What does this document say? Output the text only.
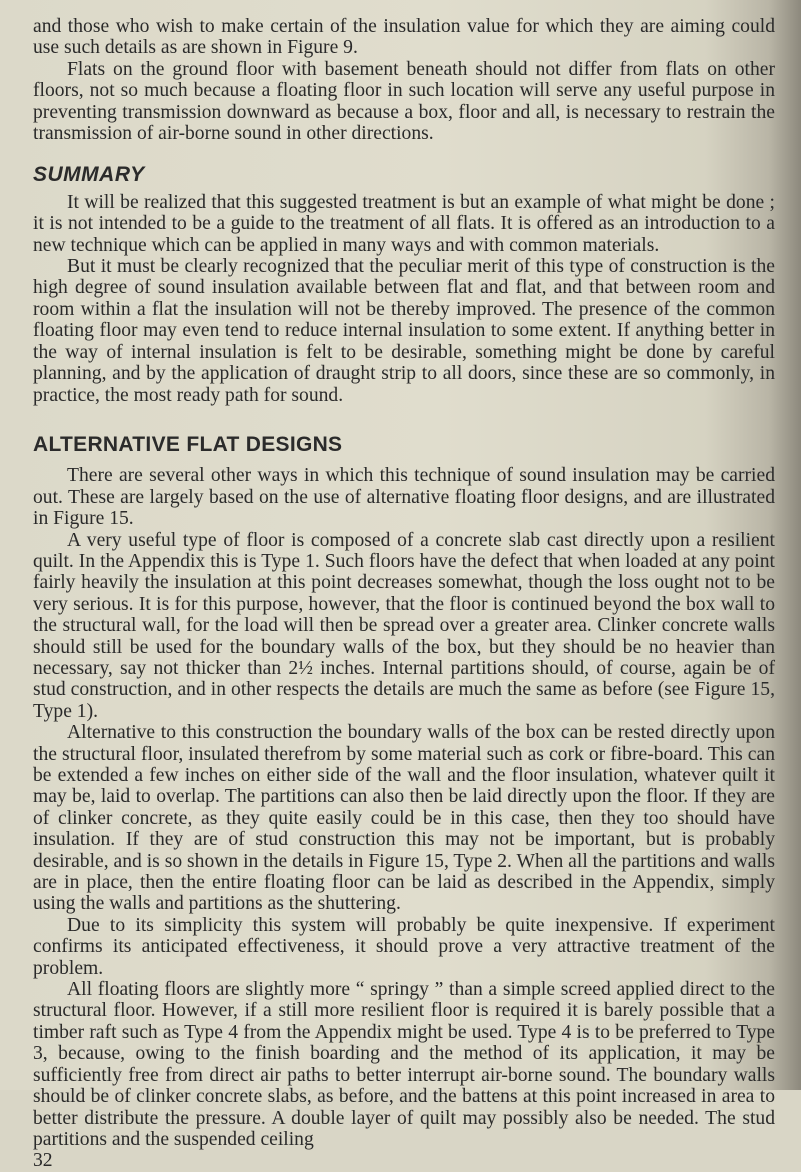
and those who wish to make certain of the insulation value for which they are aiming could use such details as are shown in Figure 9.

Flats on the ground floor with basement beneath should not differ from flats on other floors, not so much because a floating floor in such location will serve any useful purpose in preventing transmission downward as because a box, floor and all, is necessary to restrain the transmission of air-borne sound in other directions.

SUMMARY

It will be realized that this suggested treatment is but an example of what might be done ; it is not intended to be a guide to the treatment of all flats. It is offered as an introduction to a new technique which can be applied in many ways and with common materials.

But it must be clearly recognized that the peculiar merit of this type of construction is the high degree of sound insulation available between flat and flat, and that between room and room within a flat the insulation will not be thereby improved. The presence of the common floating floor may even tend to reduce internal insulation to some extent. If anything better in the way of internal insulation is felt to be desirable, something might be done by careful planning, and by the application of draught strip to all doors, since these are so commonly, in practice, the most ready path for sound.

ALTERNATIVE FLAT DESIGNS

There are several other ways in which this technique of sound insulation may be carried out. These are largely based on the use of alternative floating floor designs, and are illustrated in Figure 15.

A very useful type of floor is composed of a concrete slab cast directly upon a resilient quilt. In the Appendix this is Type 1. Such floors have the defect that when loaded at any point fairly heavily the insulation at this point decreases somewhat, though the loss ought not to be very serious. It is for this purpose, however, that the floor is continued beyond the box wall to the structural wall, for the load will then be spread over a greater area. Clinker concrete walls should still be used for the boundary walls of the box, but they should be no heavier than necessary, say not thicker than 2½ inches. Internal partitions should, of course, again be of stud construction, and in other respects the details are much the same as before (see Figure 15, Type 1).

Alternative to this construction the boundary walls of the box can be rested directly upon the structural floor, insulated therefrom by some material such as cork or fibre-board. This can be extended a few inches on either side of the wall and the floor insulation, whatever quilt it may be, laid to overlap. The partitions can also then be laid directly upon the floor. If they are of clinker concrete, as they quite easily could be in this case, then they too should have insulation. If they are of stud construction this may not be important, but is probably desirable, and is so shown in the details in Figure 15, Type 2. When all the partitions and walls are in place, then the entire floating floor can be laid as described in the Appendix, simply using the walls and partitions as the shuttering.

Due to its simplicity this system will probably be quite inexpensive. If experiment confirms its anticipated effectiveness, it should prove a very attractive treatment of the problem.

All floating floors are slightly more “ springy ” than a simple screed applied direct to the structural floor. However, if a still more resilient floor is required it is barely possible that a timber raft such as Type 4 from the Appendix might be used. Type 4 is to be preferred to Type 3, because, owing to the finish boarding and the method of its application, it may be sufficiently free from direct air paths to better interrupt air-borne sound. The boundary walls should be of clinker concrete slabs, as before, and the battens at this point increased in area to better distribute the pressure. A double layer of quilt may possibly also be needed. The stud partitions and the suspended ceiling

32
